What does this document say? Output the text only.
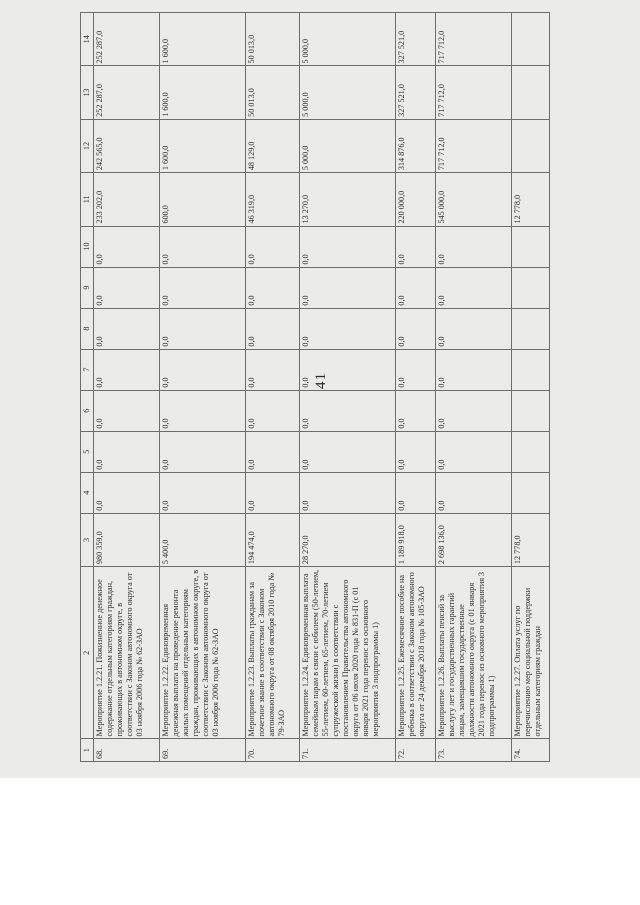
41
1	2	3	4	5	6	7	8	9	10	11	12	13	14
68.	Мероприятие 1.2.21. Пожизненное денежное содержание отдельным категориям граждан, проживающих в автономном округе, в соответствии с Законом автономного округа от 03 ноября 2006 года № 62-ЗАО	980 359,0	0,0	0,0	0,0	0,0	0,0	0,0	0,0	233 202,0	242 565,0	252 287,0	252 287,0
69.	Мероприятие 1.2.22. Единовременная денежная выплата на проведение ремонта жилых помещений отдельным категориям граждан, проживающих в автономном округе, в соответствии с Законом автономного округа от 03 ноября 2006 года № 62-ЗАО	5 400,0	0,0	0,0	0,0	0,0	0,0	0,0	0,0	600,0	1 600,0	1 600,0	1 600,0
70.	Мероприятие 1.2.23. Выплаты гражданам за почетное звание в соответствии с Законом автономного округа от 08 октября 2010 года № 79-ЗАО	194 474,0	0,0	0,0	0,0	0,0	0,0	0,0	0,0	46 319,0	48 129,0	50 013,0	50 013,0
71.	Мероприятие 1.2.24. Единовременная выплата семейным парам в связи с юбилеем (50-летием, 55-летием, 60-летием, 65-летием, 70-летием супружеской жизни) в соответствии с постановлением Правительства автономного округа от 06 июля 2020 года № 831-П (с 01 января 2021 года перенос из основного мероприятия 3 подпрограммы 1)	28 270,0	0,0	0,0	0,0	0,0	0,0	0,0	0,0	13 270,0	5 000,0	5 000,0	5 000,0
72.	Мероприятие 1.2.25. Ежемесячное пособие на ребенка в соответствии с Законом автономного округа от 24 декабря 2018 года № 105-ЗАО	1 189 918,0	0,0	0,0	0,0	0,0	0,0	0,0	0,0	220 000,0	314 876,0	327 521,0	327 521,0
73.	Мероприятие 1.2.26. Выплаты пенсий за выслугу лет и государственных гарантий лицам, замещавшим государственные должности автономного округа (с 01 января 2021 года перенос из основного мероприятия 3 подпрограммы 1)	2 698 136,0	0,0	0,0	0,0	0,0	0,0	0,0	0,0	545 000,0	717 712,0	717 712,0	717 712,0
74.	Мероприятие 1.2.27. Оплата услуг по перечислению мер социальной поддержки отдельным категориям граждан	12 778,0								12 778,0			
